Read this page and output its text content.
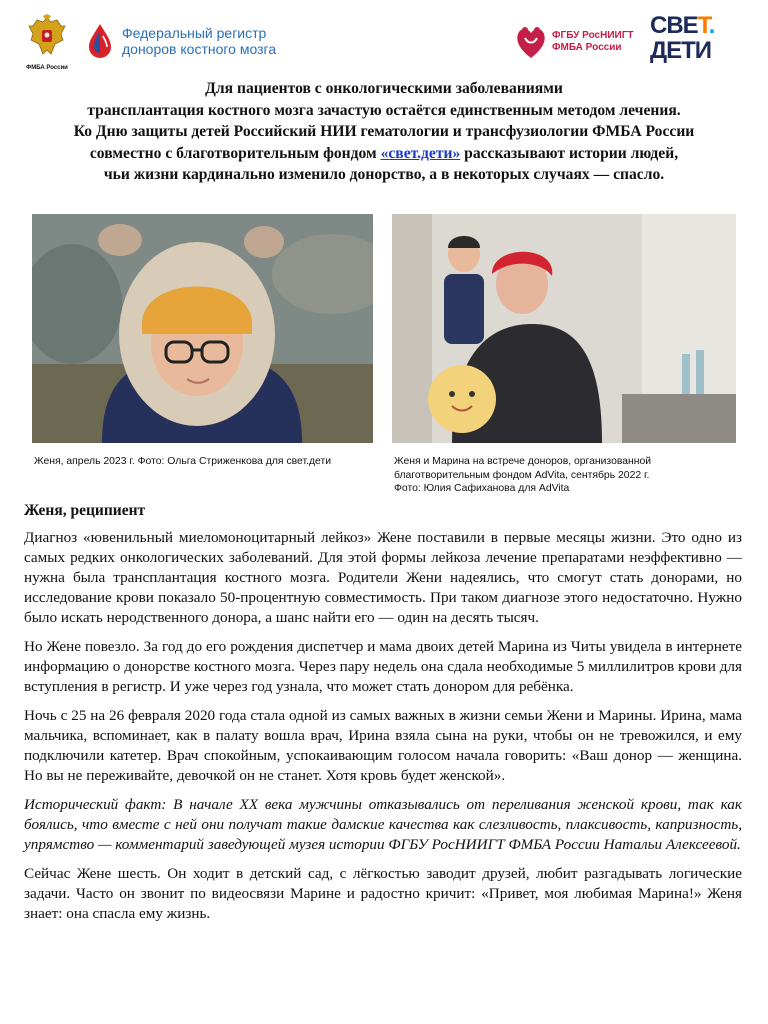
ФМБА России
Федеральный регистр
доноров костного мозга
ФГБУ РосНИИГТ
ФМБА России
СВЕТ.
ДЕТИ

Для пациентов с онкологическими заболеваниями

трансплантация костного мозга зачастую остаётся единственным методом лечения.

Ко Дню защиты детей Российский НИИ гематологии и трансфузиологии ФМБА России

совместно с благотворительным фондом «свет.дети» рассказывают истории людей,

чьи жизни кардинально изменило донорство, а в некоторых случаях — спасло.

Женя, апрель 2023 г. Фото: Ольга Стриженкова для свет.дети	Женя и Марина на встрече доноров, организованной
благотворительным фондом AdVita, сентябрь 2022 г.
Фото: Юлия Сафиханова для AdVita
Женя, реципиент

Диагноз «ювенильный миеломоноцитарный лейкоз» Жене поставили в первые месяцы жизни. Это одно из самых редких онкологических заболеваний. Для этой формы лейкоза лечение препаратами неэффективно — нужна была трансплантация костного мозга. Родители Жени надеялись, что смогут стать донорами, но исследование крови показало 50-процентную совместимость. При таком диагнозе этого недостаточно. Нужно было искать неродственного донора, а шанс найти его — один на десять тысяч.

Но Жене повезло. За год до его рождения диспетчер и мама двоих детей Марина из Читы увидела в интернете информацию о донорстве костного мозга. Через пару недель она сдала необходимые 5 миллилитров крови для вступления в регистр. И уже через год узнала, что может стать донором для ребёнка.

Ночь с 25 на 26 февраля 2020 года стала одной из самых важных в жизни семьи Жени и Марины. Ирина, мама мальчика, вспоминает, как в палату вошла врач, Ирина взяла сына на руки, чтобы он не тревожился, и ему подключили катетер. Врач спокойным, успокаивающим голосом начала говорить: «Ваш донор — женщина. Но вы не переживайте, девочкой он не станет. Хотя кровь будет женской».

Исторический факт: В начале XX века мужчины отказывались от переливания женской крови, так как боялись, что вместе с ней они получат такие дамские качества как слезливость, плаксивость, капризность, упрямство — комментарий заведующей музея истории ФГБУ РосНИИГТ ФМБА России Натальи Алексеевой.

Сейчас Жене шесть. Он ходит в детский сад, с лёгкостью заводит друзей, любит разгадывать логические задачи. Часто он звонит по видеосвязи Марине и радостно кричит: «Привет, моя любимая Марина!» Женя знает: она спасла ему жизнь.
